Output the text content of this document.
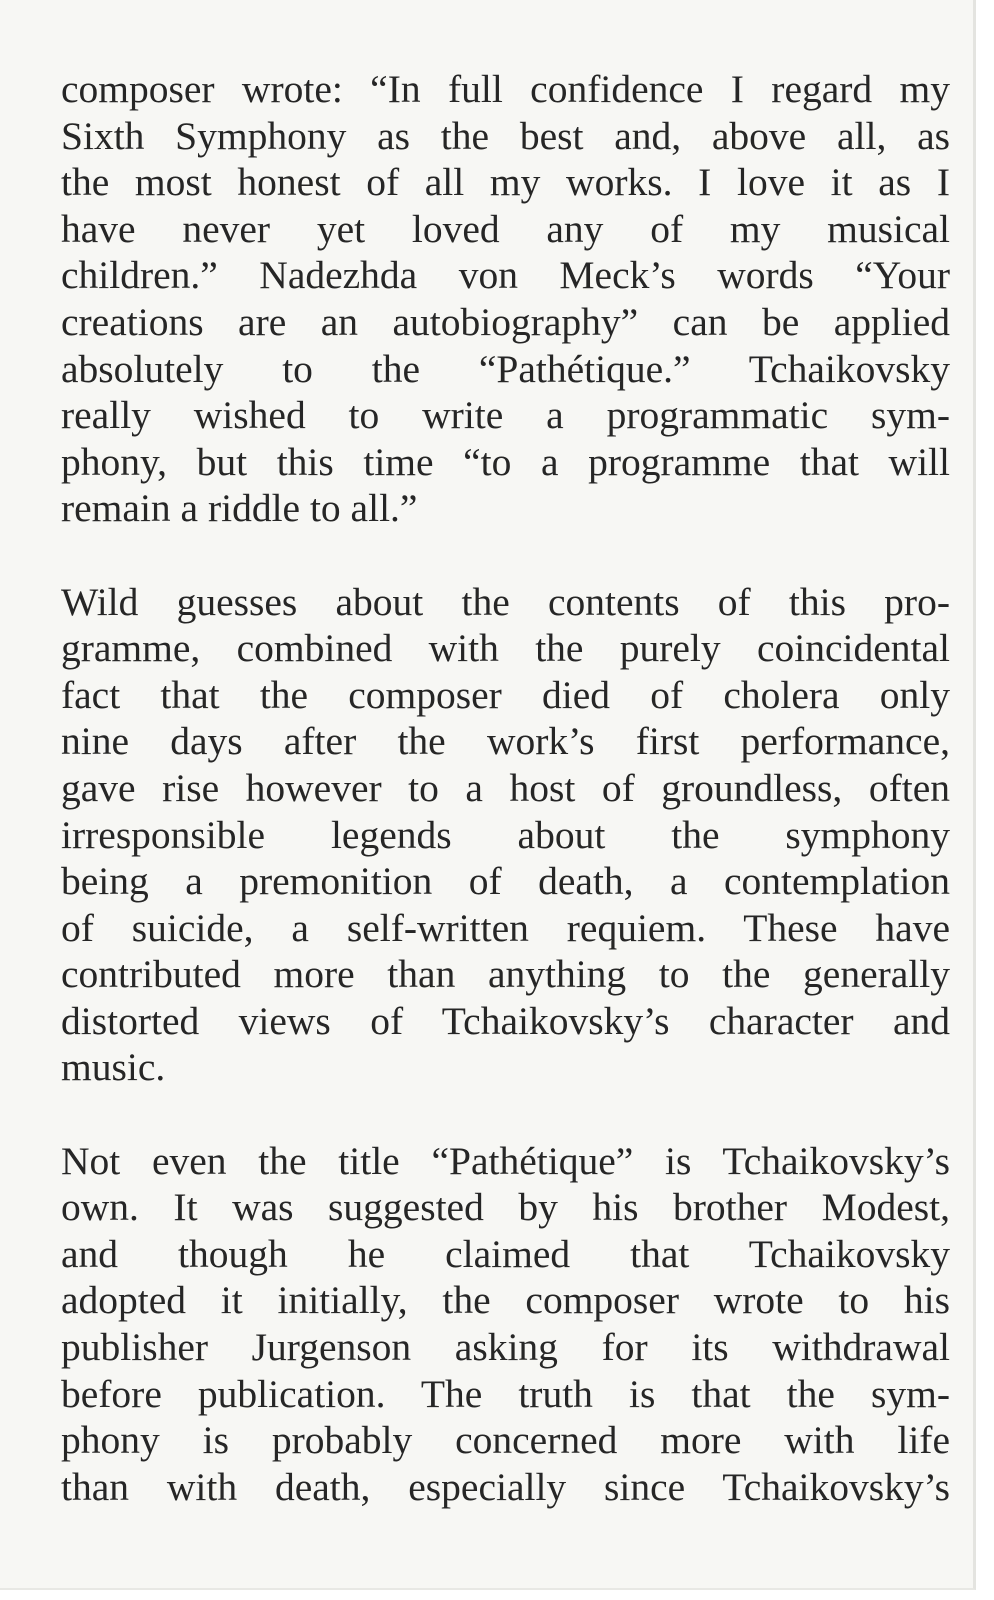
composer wrote: “In full confidence I regard my
Sixth Symphony as the best and, above all, as
the most honest of all my works. I love it as I
have never yet loved any of my musical
children.” Nadezhda von Meck’s words “Your
creations are an autobiography” can be applied
absolutely to the “Pathétique.” Tchaikovsky
really wished to write a programmatic sym-
phony, but this time “to a programme that will
remain a riddle to all.”
Wild guesses about the contents of this pro-
gramme, combined with the purely coincidental
fact that the composer died of cholera only
nine days after the work’s first performance,
gave rise however to a host of groundless, often
irresponsible legends about the symphony
being a premonition of death, a contemplation
of suicide, a self-written requiem. These have
contributed more than anything to the generally
distorted views of Tchaikovsky’s character and
music.
Not even the title “Pathétique” is Tchaikovsky’s
own. It was suggested by his brother Modest,
and though he claimed that Tchaikovsky
adopted it initially, the composer wrote to his
publisher Jurgenson asking for its withdrawal
before publication. The truth is that the sym-
phony is probably concerned more with life
than with death, especially since Tchaikovsky’s
